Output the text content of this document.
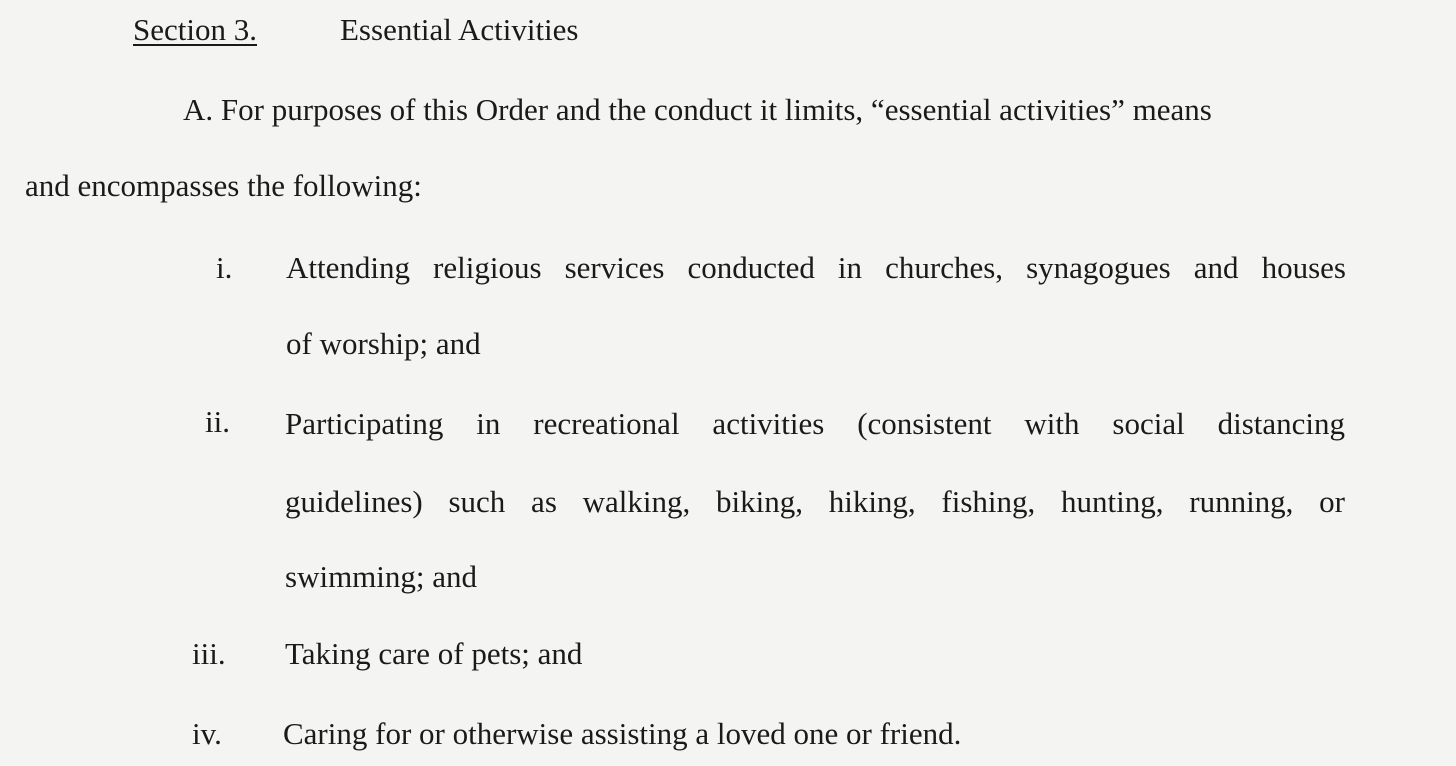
Section 3.	Essential Activities
A. For purposes of this Order and the conduct it limits, “essential activities” means
and encompasses the following:
i. Attending religious services conducted in churches, synagogues and houses
of worship; and
ii. Participating in recreational activities (consistent with social distancing
guidelines) such as walking, biking, hiking, fishing, hunting, running, or
swimming; and
iii. Taking care of pets; and
iv. Caring for or otherwise assisting a loved one or friend.
